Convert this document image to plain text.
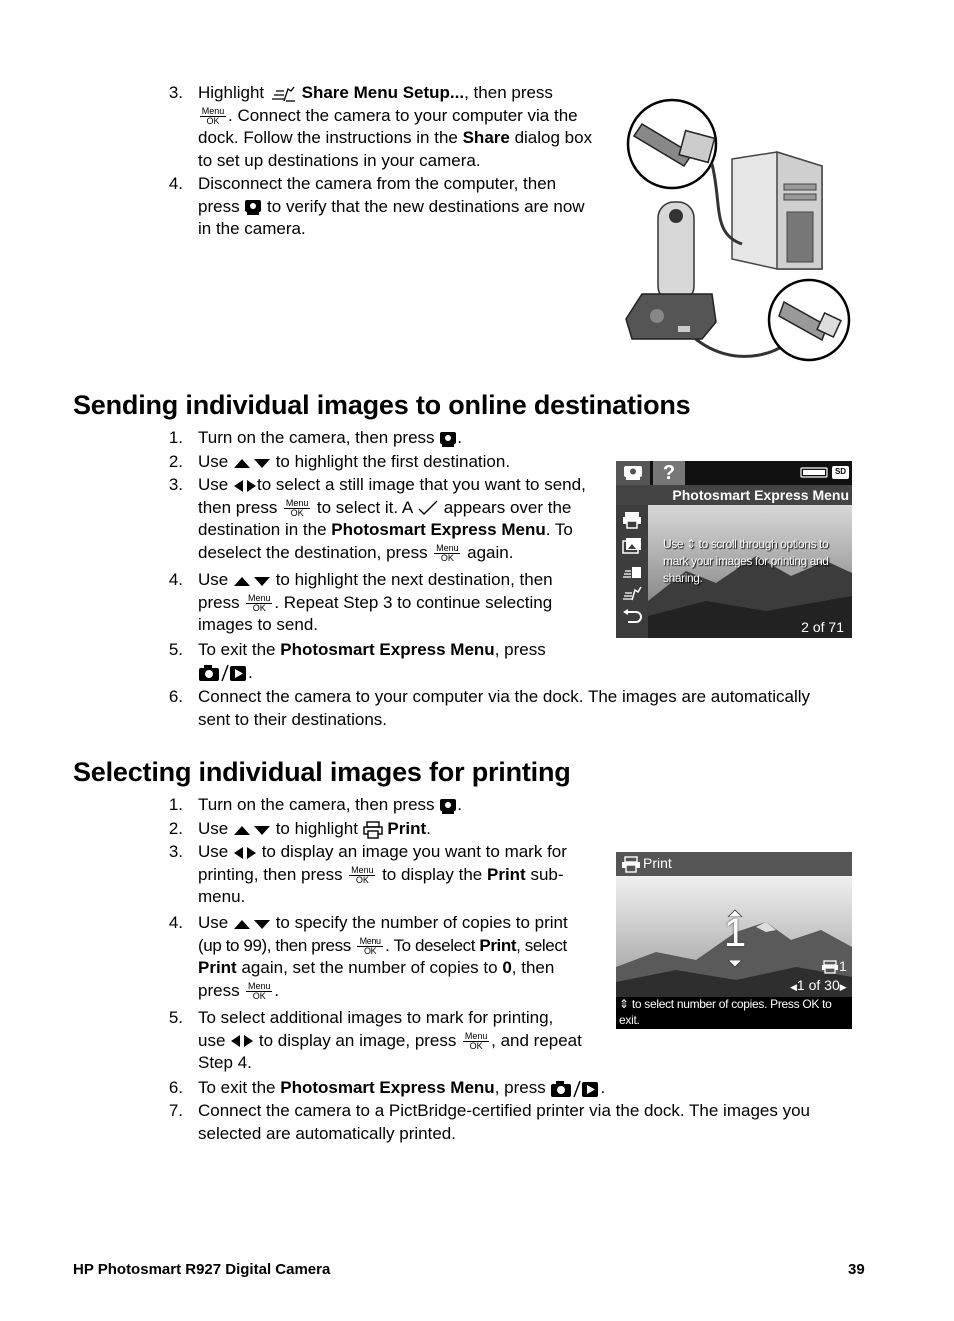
3. Highlight Share Menu Setup..., then press
Menu
OK . Connect the camera to your computer via the
dock. Follow the instructions in the Share dialog box
to set up destinations in your camera.
4. Disconnect the camera from the computer, then
press to verify that the new destinations are now
in the camera.
Sending individual images to online destinations
1. Turn on the camera, then press .
2. Use	to highlight the first destination.
3. Use to select a still image that you want to send,
then press Menu
OK to select it. A appears over the
destination in the Photosmart Express Menu. To
deselect the destination, press Menu
OK again.
4. Use	to highlight the next destination, then
press Menu
OK . Repeat Step 3 to continue selecting
images to send.
5. To exit the Photosmart Express Menu, press
.
6. Connect the camera to your computer via the dock. The images are automatically
sent to their destinations.
?	SD
Photosmart Express Menu
Use ⇕ to scroll through options to
mark your images for printing and
sharing.
2 of 71
Selecting individual images for printing
1. Turn on the camera, then press .
2. Use	to highlight Print.
3. Use to display an image you want to mark for
printing, then press Menu
OK to display the Print sub-
menu.
4. Use	to specify the number of copies to print
(up to 99), then press Menu
OK . To deselect Print, select
Print again, set the number of copies to 0, then
press Menu
OK .
5. To select additional images to mark for printing,
use to display an image, press Menu
OK , and repeat
Step 4.
6. To exit the Photosmart Express Menu, press	.
7. Connect the camera to a PictBridge-certified printer via the dock. The images you
selected are automatically printed.
Print
1
1
◀1 of 30▶
⇕ to select number of copies. Press OK to
exit.
HP Photosmart R927 Digital Camera	39
